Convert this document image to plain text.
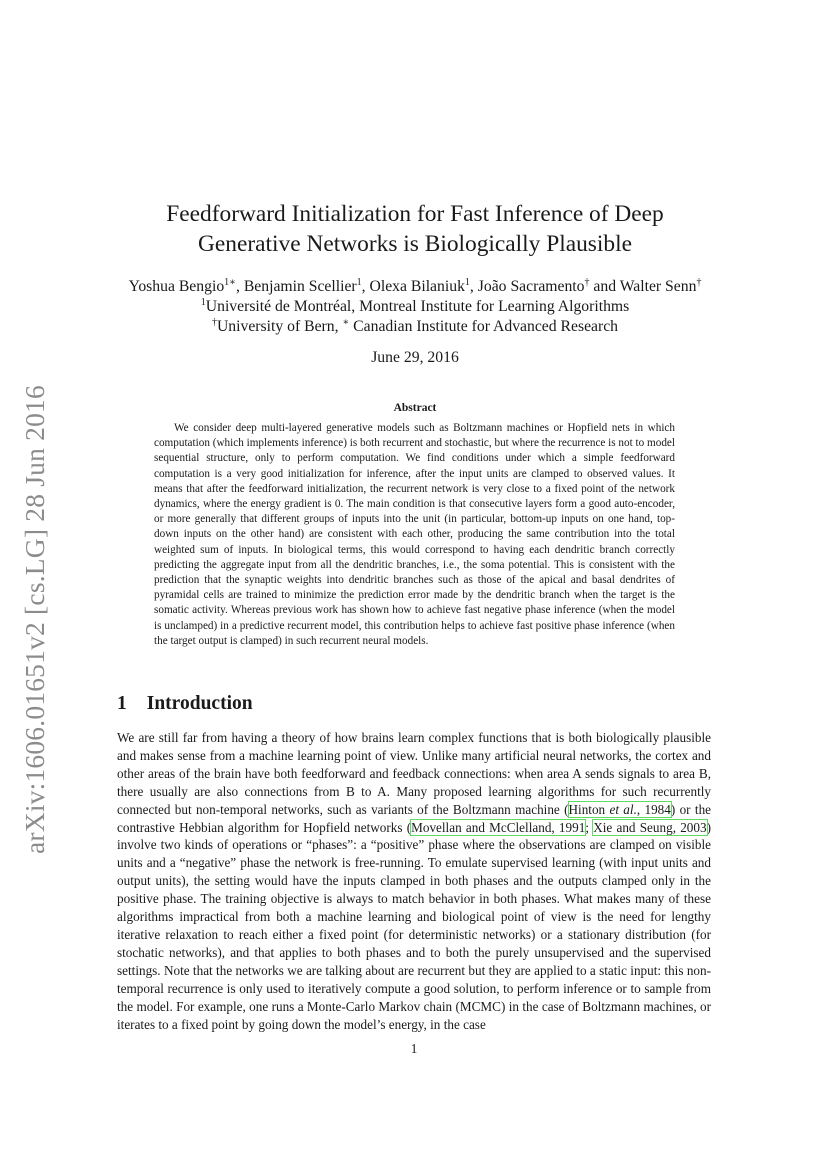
arXiv:1606.01651v2 [cs.LG] 28 Jun 2016
Feedforward Initialization for Fast Inference of Deep
Generative Networks is Biologically Plausible
Yoshua Bengio$^{1∗}$, Benjamin Scellier$^1$, Olexa Bilaniuk$^1$, João Sacramento† and Walter Senn†
$^1$Université de Montréal, Montreal Institute for Learning Algorithms
†University of Bern, ∗ Canadian Institute for Advanced Research
June 29, 2016
Abstract
We consider deep multi-layered generative models such as Boltzmann machines or Hopfield nets in which computation (which implements inference) is both recurrent and stochastic, but where the recurrence is not to model sequential structure, only to perform computation. We find conditions under which a simple feedforward computation is a very good initialization for inference, after the input units are clamped to observed values. It means that after the feedforward initialization, the recurrent network is very close to a fixed point of the network dynamics, where the energy gradient is 0. The main condition is that consecutive layers form a good auto-encoder, or more generally that different groups of inputs into the unit (in particular, bottom-up inputs on one hand, top-down inputs on the other hand) are consistent with each other, producing the same contribution into the total weighted sum of inputs. In biological terms, this would correspond to having each dendritic branch correctly predicting the aggregate input from all the dendritic branches, i.e., the soma potential. This is consistent with the prediction that the synaptic weights into dendritic branches such as those of the apical and basal dendrites of pyramidal cells are trained to minimize the prediction error made by the dendritic branch when the target is the somatic activity. Whereas previous work has shown how to achieve fast negative phase inference (when the model is unclamped) in a predictive recurrent model, this contribution helps to achieve fast positive phase inference (when the target output is clamped) in such recurrent neural models.
1 Introduction
We are still far from having a theory of how brains learn complex functions that is both biologically plausible and makes sense from a machine learning point of view. Unlike many artificial neural networks, the cortex and other areas of the brain have both feedforward and feedback connections: when area A sends signals to area B, there usually are also connections from B to A. Many proposed learning algorithms for such recurrently connected but non-temporal networks, such as variants of the Boltzmann machine (Hinton et al., 1984) or the contrastive Hebbian algorithm for Hopfield networks (Movellan and McClelland, 1991; Xie and Seung, 2003) involve two kinds of operations or “phases”: a “positive” phase where the observations are clamped on visible units and a “negative” phase the network is free-running. To emulate supervised learning (with input units and output units), the setting would have the inputs clamped in both phases and the outputs clamped only in the positive phase. The training objective is always to match behavior in both phases. What makes many of these algorithms impractical from both a machine learning and biological point of view is the need for lengthy iterative relaxation to reach either a fixed point (for deterministic networks) or a stationary distribution (for stochatic networks), and that applies to both phases and to both the purely unsupervised and the supervised settings. Note that the networks we are talking about are recurrent but they are applied to a static input: this non-temporal recurrence is only used to iteratively compute a good solution, to perform inference or to sample from the model. For example, one runs a Monte-Carlo Markov chain (MCMC) in the case of Boltzmann machines, or iterates to a fixed point by going down the model’s energy, in the case
1
